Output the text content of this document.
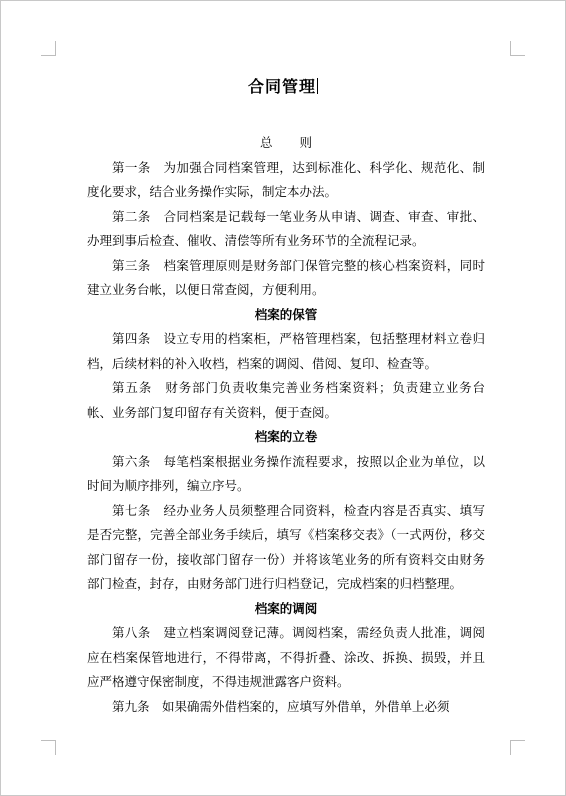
合同管理
总则

第一条　为加强合同档案管理，达到标准化、科学化、规范化、制度化要求，结合业务操作实际，制定本办法。

第二条　合同档案是记载每一笔业务从申请、调查、审查、审批、办理到事后检查、催收、清偿等所有业务环节的全流程记录。

第三条　档案管理原则是财务部门保管完整的核心档案资料，同时建立业务台帐，以便日常查阅，方便利用。

档案的保管

第四条　设立专用的档案柜，严格管理档案，包括整理材料立卷归档，后续材料的补入收档，档案的调阅、借阅、复印、检查等。

第五条　财务部门负责收集完善业务档案资料；负责建立业务台帐、业务部门复印留存有关资料，便于查阅。

档案的立卷

第六条　每笔档案根据业务操作流程要求，按照以企业为单位，以时间为顺序排列，编立序号。

第七条　经办业务人员须整理合同资料，检查内容是否真实、填写是否完整，完善全部业务手续后，填写《档案移交表》（一式两份，移交部门留存一份，接收部门留存一份）并将该笔业务的所有资料交由财务部门检查，封存，由财务部门进行归档登记，完成档案的归档整理。

档案的调阅

第八条　建立档案调阅登记薄。调阅档案，需经负责人批准，调阅应在档案保管地进行，不得带离，不得折叠、涂改、拆换、损毁，并且应严格遵守保密制度，不得违规泄露客户资料。

第九条　如果确需外借档案的，应填写外借单，外借单上必须
